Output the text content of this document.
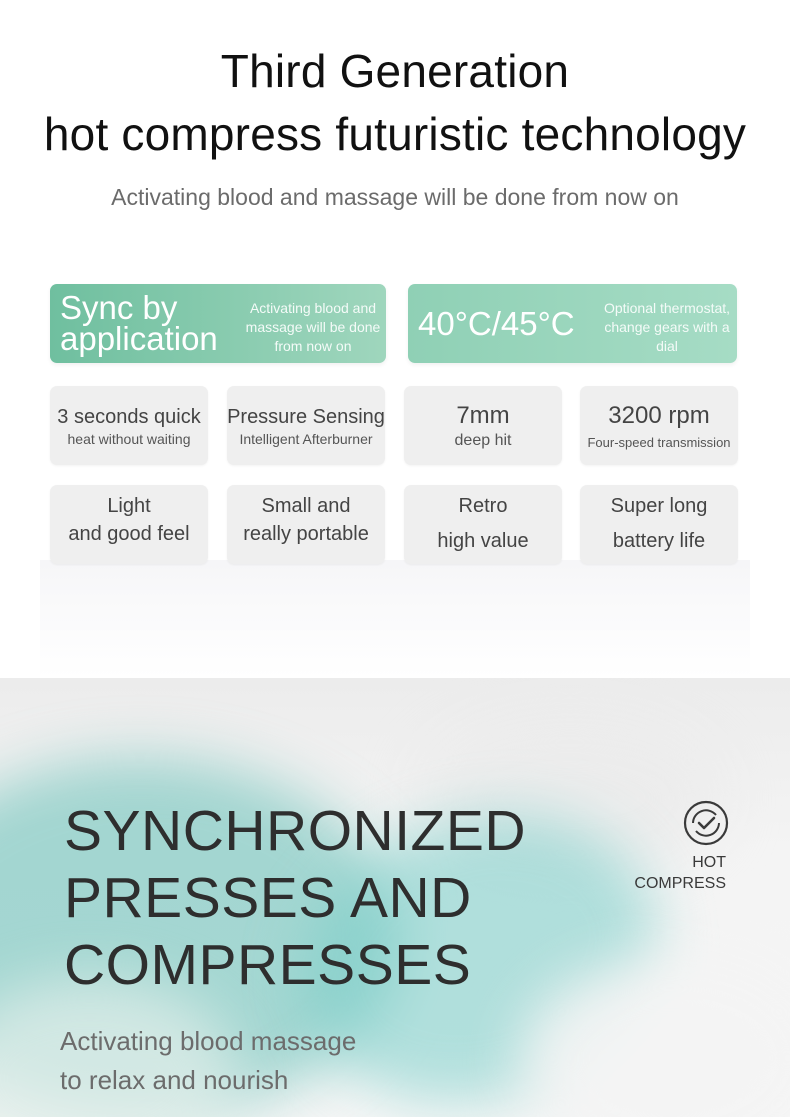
Third Generation
hot compress futuristic technology
Activating blood and massage will be done from now on
Sync by application
Activating blood and massage will be done from now on
40°C/45°C	Optional thermostat, change gears with a dial
3 seconds quick
heat without waiting
Pressure Sensing
Intelligent Afterburner
7mm
deep hit
3200 rpm
Four-speed transmission
Light
and good feel
Small and
really portable
Retro
high value
Super long
battery life
SYNCHRONIZED
PRESSES AND
COMPRESSES
Activating blood massage
to relax and nourish
HOT
COMPRESS
